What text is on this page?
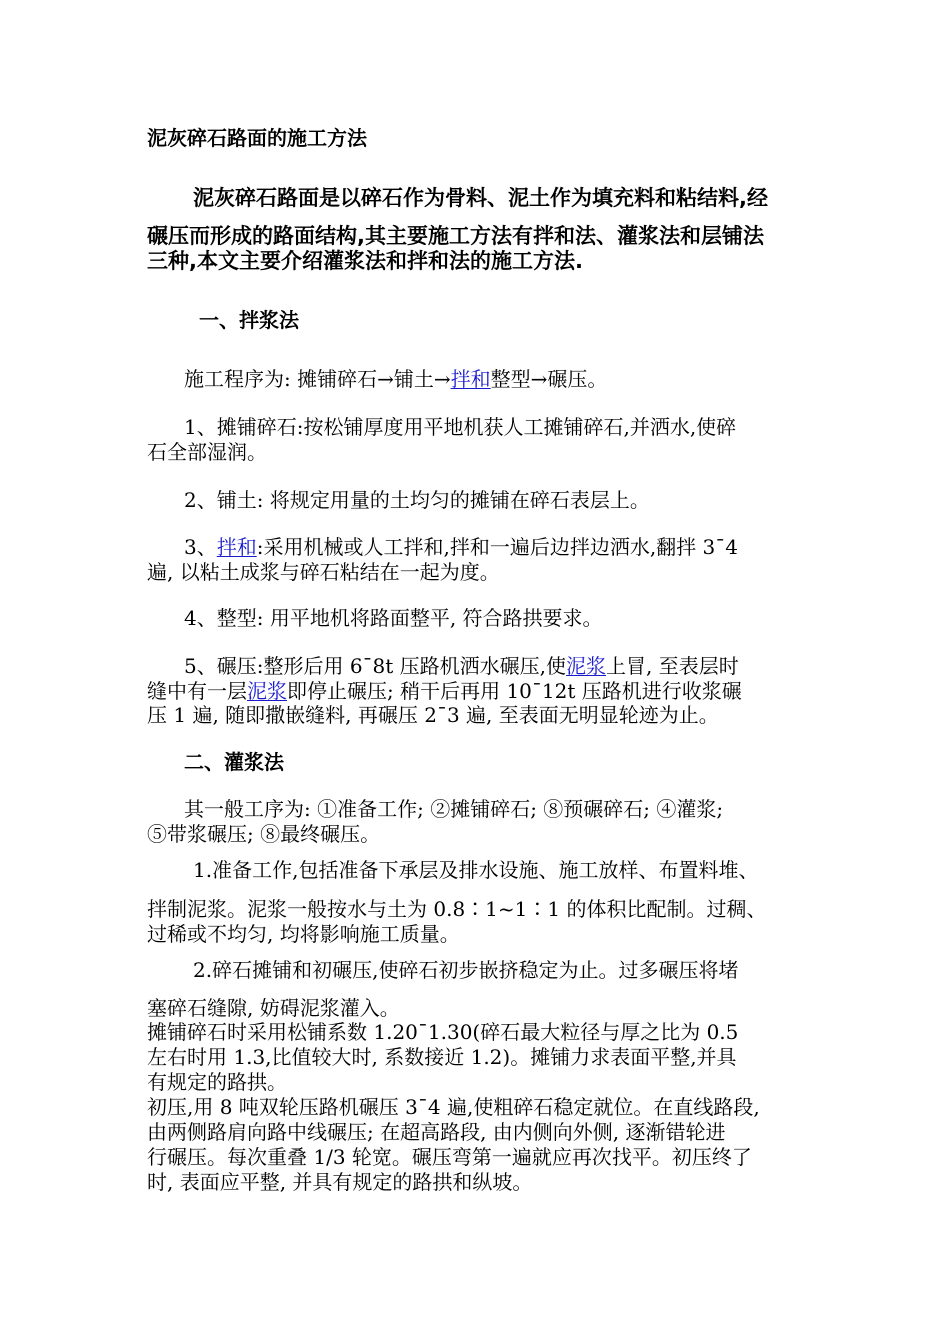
泥灰碎石路面的施工方法
泥灰碎石路面是以碎石作为骨料、泥土作为填充料和粘结料,经
碾压而形成的路面结构,其主要施工方法有拌和法、灌浆法和层铺法
三种,本文主要介绍灌浆法和拌和法的施工方法.
一、拌浆法
施工程序为: 摊铺碎石→铺土→拌和整型→碾压。
1、摊铺碎石:按松铺厚度用平地机获人工摊铺碎石,并洒水,使碎
石全部湿润。
2、铺土: 将规定用量的土均匀的摊铺在碎石表层上。
3、拌和:采用机械或人工拌和,拌和一遍后边拌边洒水,翻拌 3¯4
遍, 以粘土成浆与碎石粘结在一起为度。
4、整型: 用平地机将路面整平, 符合路拱要求。
5、碾压:整形后用 6¯8t 压路机洒水碾压,使泥浆上冒, 至表层时
缝中有一层泥浆即停止碾压; 稍干后再用 10¯12t 压路机进行收浆碾
压 1 遍, 随即撒嵌缝料, 再碾压 2¯3 遍, 至表面无明显轮迹为止。
二、灌浆法
其一般工序为: ①准备工作; ②摊铺碎石; ⑧预碾碎石; ④灌浆;
⑤带浆碾压; ⑧最终碾压。
1.准备工作,包括准备下承层及排水设施、施工放样、布置料堆、
拌制泥浆。泥浆一般按水与土为 0.8∶1~1∶1 的体积比配制。过稠、
过稀或不均匀, 均将影响施工质量。
2.碎石摊铺和初碾压,使碎石初步嵌挤稳定为止。过多碾压将堵
塞碎石缝隙, 妨碍泥浆灌入。
摊铺碎石时采用松铺系数 1.20¯1.30(碎石最大粒径与厚之比为 0.5
左右时用 1.3,比值较大时, 系数接近 1.2)。摊铺力求表面平整,并具
有规定的路拱。
初压,用 8 吨双轮压路机碾压 3¯4 遍,使粗碎石稳定就位。在直线路段,
由两侧路肩向路中线碾压; 在超高路段, 由内侧向外侧, 逐渐错轮进
行碾压。每次重叠 1/3 轮宽。碾压弯第一遍就应再次找平。初压终了
时, 表面应平整, 并具有规定的路拱和纵坡。
